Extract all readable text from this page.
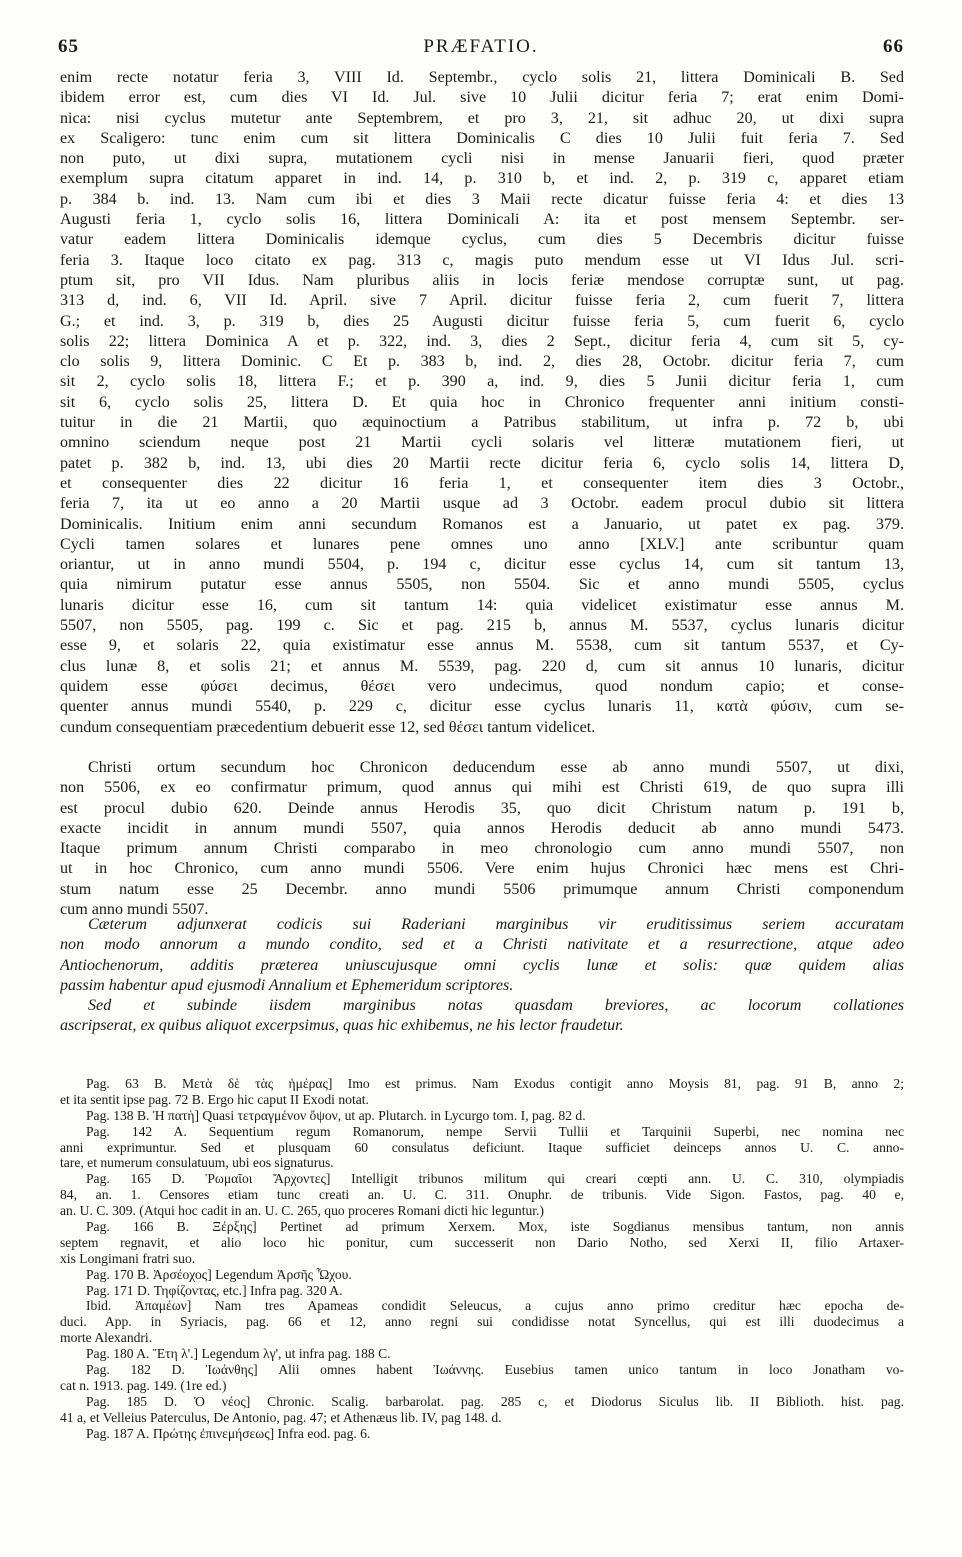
65	PRÆFATIO.	66
enim recte notatur feria 3, VIII Id. Septembr., cyclo solis 21, littera Dominicali B. Sed
ibidem error est, cum dies VI Id. Jul. sive 10 Julii dicitur feria 7; erat enim Domi-
nica: nisi cyclus mutetur ante Septembrem, et pro 3, 21, sit adhuc 20, ut dixi supra
ex Scaligero: tunc enim cum sit littera Dominicalis C dies 10 Julii fuit feria 7. Sed
non puto, ut dixi supra, mutationem cycli nisi in mense Januarii fieri, quod præter
exemplum supra citatum apparet in ind. 14, p. 310 b, et ind. 2, p. 319 c, apparet etiam
p. 384 b. ind. 13. Nam cum ibi et dies 3 Maii recte dicatur fuisse feria 4: et dies 13
Augusti feria 1, cyclo solis 16, littera Dominicali A: ita et post mensem Septembr. ser-
vatur eadem littera Dominicalis idemque cyclus, cum dies 5 Decembris dicitur fuisse
feria 3. Itaque loco citato ex pag. 313 c, magis puto mendum esse ut VI Idus Jul. scri-
ptum sit, pro VII Idus. Nam pluribus aliis in locis feriæ mendose corruptæ sunt, ut pag.
313 d, ind. 6, VII Id. April. sive 7 April. dicitur fuisse feria 2, cum fuerit 7, littera
G.; et ind. 3, p. 319 b, dies 25 Augusti dicitur fuisse feria 5, cum fuerit 6, cyclo
solis 22; littera Dominica A et p. 322, ind. 3, dies 2 Sept., dicitur feria 4, cum sit 5, cy-
clo solis 9, littera Dominic. C Et p. 383 b, ind. 2, dies 28, Octobr. dicitur feria 7, cum
sit 2, cyclo solis 18, littera F.; et p. 390 a, ind. 9, dies 5 Junii dicitur feria 1, cum
sit 6, cyclo solis 25, littera D. Et quia hoc in Chronico frequenter anni initium consti-
tuitur in die 21 Martii, quo æquinoctium a Patribus stabilitum, ut infra p. 72 b, ubi
omnino sciendum neque post 21 Martii cycli solaris vel litteræ mutationem fieri, ut
patet p. 382 b, ind. 13, ubi dies 20 Martii recte dicitur feria 6, cyclo solis 14, littera D,
et consequenter dies 22 dicitur 16 feria 1, et consequenter item dies 3 Octobr.,
feria 7, ita ut eo anno a 20 Martii usque ad 3 Octobr. eadem procul dubio sit littera
Dominicalis. Initium enim anni secundum Romanos est a Januario, ut patet ex pag. 379.
Cycli tamen solares et lunares pene omnes uno anno [XLV.] ante scribuntur quam
oriantur, ut in anno mundi 5504, p. 194 c, dicitur esse cyclus 14, cum sit tantum 13,
quia nimirum putatur esse annus 5505, non 5504. Sic et anno mundi 5505, cyclus
lunaris dicitur esse 16, cum sit tantum 14: quia videlicet existimatur esse annus M.
5507, non 5505, pag. 199 c. Sic et pag. 215 b, annus M. 5537, cyclus lunaris dicitur
esse 9, et solaris 22, quia existimatur esse annus M. 5538, cum sit tantum 5537, et Cy-
clus lunæ 8, et solis 21; et annus M. 5539, pag. 220 d, cum sit annus 10 lunaris, dicitur
quidem esse φύσει decimus, θέσει vero undecimus, quod nondum capio; et conse-
quenter annus mundi 5540, p. 229 c, dicitur esse cyclus lunaris 11, κατὰ φύσιν, cum se-
cundum consequentiam præcedentium debuerit esse 12, sed θέσει tantum videlicet.
Christi ortum secundum hoc Chronicon deducendum esse ab anno mundi 5507, ut dixi,
non 5506, ex eo confirmatur primum, quod annus qui mihi est Christi 619, de quo supra illi
est procul dubio 620. Deinde annus Herodis 35, quo dicit Christum natum p. 191 b,
exacte incidit in annum mundi 5507, quia annos Herodis deducit ab anno mundi 5473.
Itaque primum annum Christi comparabo in meo chronologio cum anno mundi 5507, non
ut in hoc Chronico, cum anno mundi 5506. Vere enim hujus Chronici hæc mens est Chri-
stum natum esse 25 Decembr. anno mundi 5506 primumque annum Christi componendum
cum anno mundi 5507.
Cæterum adjunxerat codicis sui Raderiani marginibus vir eruditissimus seriem accuratam
non modo annorum a mundo condito, sed et a Christi nativitate et a resurrectione, atque adeo
Antiochenorum, additis præterea uniuscujusque omni cyclis lunæ et solis: quæ quidem alias
passim habentur apud ejusmodi Annalium et Ephemeridum scriptores.
Sed et subinde iisdem marginibus notas quasdam breviores, ac locorum collationes
ascripserat, ex quibus aliquot excerpsimus, quas hic exhibemus, ne his lector fraudetur.
Pag. 63 B. Μετὰ δὲ τὰς ἡμέρας] Imo est primus. Nam Exodus contigit anno Moysis 81, pag. 91 B, anno 2;
et ita sentit ipse pag. 72 B. Ergo hic caput II Exodi notat.
Pag. 138 B. Ἡ πατὴ] Quasi τετραγμένον ὄψον, ut ap. Plutarch. in Lycurgo tom. I, pag. 82 d.
Pag. 142 A. Sequentium regum Romanorum, nempe Servii Tullii et Tarquinii Superbi, nec nomina nec
anni exprimuntur. Sed et plusquam 60 consulatus deficiunt. Itaque sufficiet deinceps annos U. C. anno-
tare, et numerum consulatuum, ubi eos signaturus.
Pag. 165 D. Ῥωμαῖοι Ἄρχοντες] Intelligit tribunos militum qui creari cœpti ann. U. C. 310, olympiadis
84, an. 1. Censores etiam tunc creati an. U. C. 311. Onuphr. de tribunis. Vide Sigon. Fastos, pag. 40 e,
an. U. C. 309. (Atqui hoc cadit in an. U. C. 265, quo proceres Romani dicti hic leguntur.)
Pag. 166 B. Ξέρξης] Pertinet ad primum Xerxem. Mox, iste Sogdianus mensibus tantum, non annis
septem regnavit, et alio loco hic ponitur, cum successerit non Dario Notho, sed Xerxi II, filio Artaxer-
xis Longimani fratri suo.
Pag. 170 B. Ἀρσέοχος] Legendum Ἀρσῆς Ὦχου.
Pag. 171 D. Τηφίζοντας, etc.] Infra pag. 320 A.
Ibid. Ἀπαμέων] Nam tres Apameas condidit Seleucus, a cujus anno primo creditur hæc epocha de-
duci. App. in Syriacis, pag. 66 et 12, anno regni sui condidisse notat Syncellus, qui est illi duodecimus a
morte Alexandri.
Pag. 180 A. Ἔτη λ'.] Legendum λγ', ut infra pag. 188 C.
Pag. 182 D. Ἰωάνθης] Alii omnes habent Ἰωάννης. Eusebius tamen unico tantum in loco Jonatham vo-
cat n. 1913. pag. 149. (1re ed.)
Pag. 185 D. Ὁ νέος] Chronic. Scalig. barbarolat. pag. 285 c, et Diodorus Siculus lib. II Biblioth. hist. pag.
41 a, et Velleius Paterculus, De Antonio, pag. 47; et Athenæus lib. IV, pag 148. d.
Pag. 187 A. Πρώτης ἐπινεμήσεως] Infra eod. pag. 6.
